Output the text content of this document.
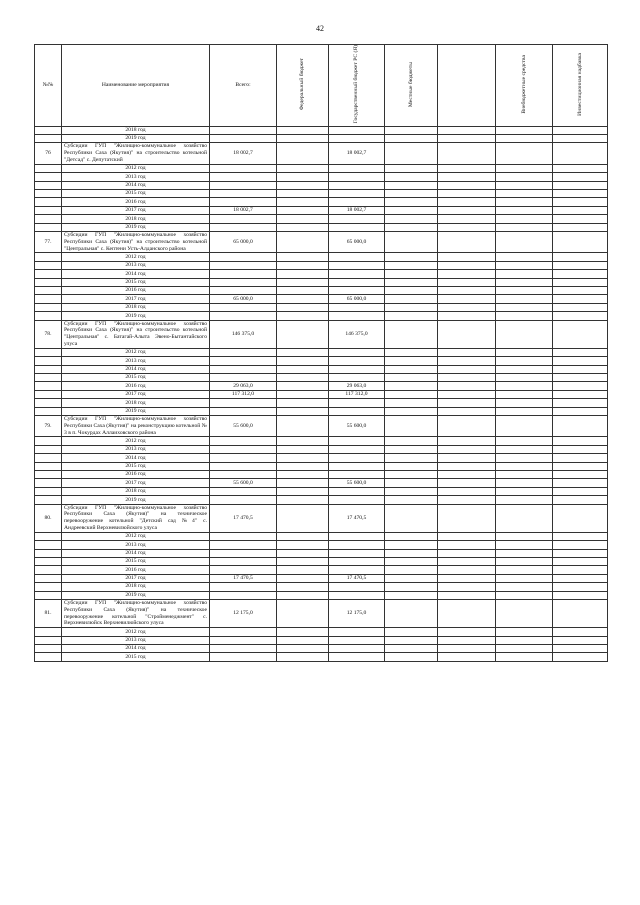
42
№№	Наименование мероприятия	Всего:	Федеральный бюджет	Государственный бюджет РС (Я)	Местные бюджеты		Внебюджетные средства	Инвестиционная надбавка
	2018 год							
	2019 год							
76	Субсидии ГУП "Жилищно-коммунальное хозяйство Республики Саха (Якутия)" на строительство котельной "Детсад" с. Депутатский	18 002,7		18 002,7				
	2012 год							
	2013 год							
	2014 год							
	2015 год							
	2016 год							
	2017 год	18 002,7		18 002,7				
	2018 год							
	2019 год							
77.	Субсидии ГУП "Жилищно-коммунальное хозяйство Республики Саха (Якутия)" на строительство котельной "Центральная" с. Кептени Усть-Алданского района	65 000,0		65 000,0				
	2012 год							
	2013 год							
	2014 год							
	2015 год							
	2016 год							
	2017 год	65 000,0		65 000,0				
	2018 год							
	2019 год							
78.	Субсидии ГУП "Жилищно-коммунальное хозяйство Республики Саха (Якутия)" на строительство котельной "Центральная" с. Батагай-Алыта Эвено-Бытантайского улуса	146 375,0		146 375,0				
	2012 год							
	2013 год							
	2014 год							
	2015 год							
	2016 год	29 063,0		29 063,0				
	2017 год	117 312,0		117 312,0				
	2018 год							
	2019 год							
79.	Субсидии ГУП "Жилищно-коммунальное хозяйство Республики Саха (Якутия)" на реконструкцию котельной № 3 в п. Чокурдах Аллаиховского района	55 600,0		55 600,0				
	2012 год							
	2013 год							
	2014 год							
	2015 год							
	2016 год							
	2017 год	55 600,0		55 600,0				
	2018 год							
	2019 год							
80.	Субсидии ГУП "Жилищно-коммунальное хозяйство Республики Саха (Якутия)" на техническое перевооружение котельной "Детский сад №4" с. Андреевский Верхневилюйского улуса	17 470,5		17 470,5				
	2012 год							
	2013 год							
	2014 год							
	2015 год							
	2016 год							
	2017 год	17 470,5		17 470,5				
	2018 год							
	2019 год							
81.	Субсидии ГУП "Жилищно-коммунальное хозяйство Республики Саха (Якутия)" на техническое перевооружение котельной "Стройменеджмент" с. Верхневилюйск Верхневилюйского улуса	12 175,0		12 175,0				
	2012 год							
	2013 год							
	2014 год							
	2015 год							
